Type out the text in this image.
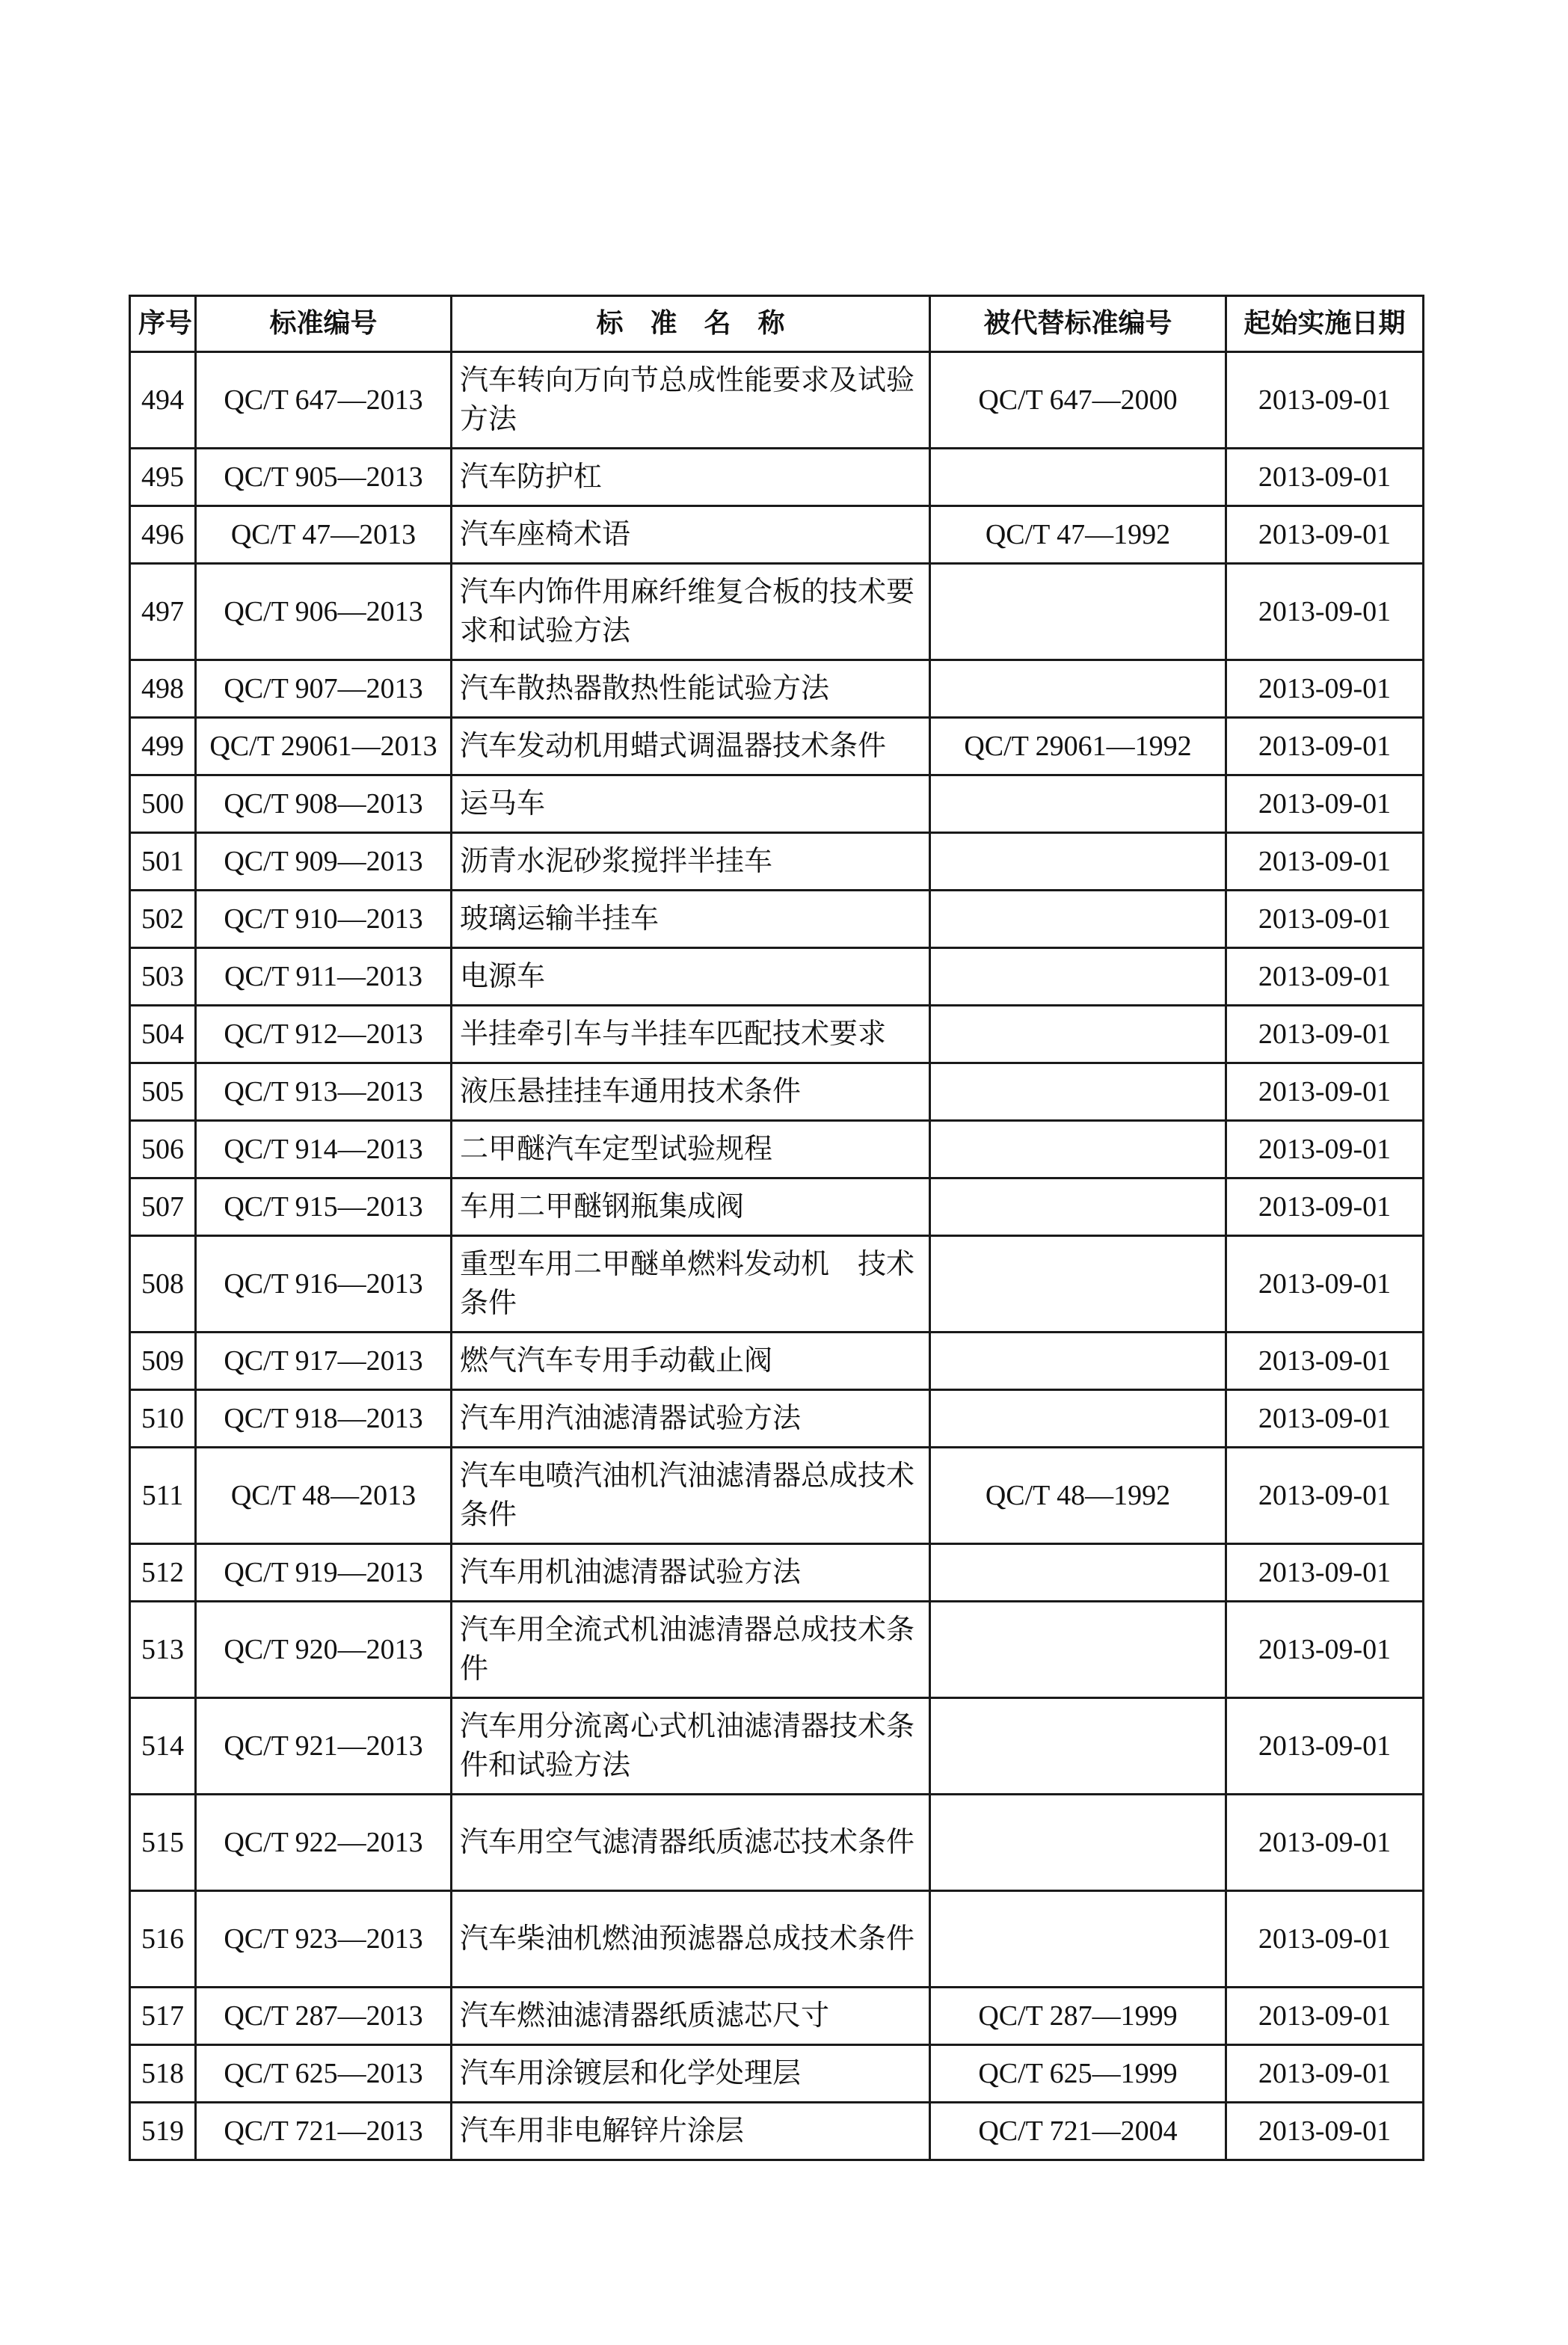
序号	标准编号	标　准　名　称	被代替标准编号	起始实施日期
494	QC/T 647—2013	汽车转向万向节总成性能要求及试验方法	QC/T 647—2000	2013-09-01
495	QC/T 905—2013	汽车防护杠		2013-09-01
496	QC/T 47—2013	汽车座椅术语	QC/T 47—1992	2013-09-01
497	QC/T 906—2013	汽车内饰件用麻纤维复合板的技术要求和试验方法		2013-09-01
498	QC/T 907—2013	汽车散热器散热性能试验方法		2013-09-01
499	QC/T 29061—2013	汽车发动机用蜡式调温器技术条件	QC/T 29061—1992	2013-09-01
500	QC/T 908—2013	运马车		2013-09-01
501	QC/T 909—2013	沥青水泥砂浆搅拌半挂车		2013-09-01
502	QC/T 910—2013	玻璃运输半挂车		2013-09-01
503	QC/T 911—2013	电源车		2013-09-01
504	QC/T 912—2013	半挂牵引车与半挂车匹配技术要求		2013-09-01
505	QC/T 913—2013	液压悬挂挂车通用技术条件		2013-09-01
506	QC/T 914—2013	二甲醚汽车定型试验规程		2013-09-01
507	QC/T 915—2013	车用二甲醚钢瓶集成阀		2013-09-01
508	QC/T 916—2013	重型车用二甲醚单燃料发动机　技术条件		2013-09-01
509	QC/T 917—2013	燃气汽车专用手动截止阀		2013-09-01
510	QC/T 918—2013	汽车用汽油滤清器试验方法		2013-09-01
511	QC/T 48—2013	汽车电喷汽油机汽油滤清器总成技术条件	QC/T 48—1992	2013-09-01
512	QC/T 919—2013	汽车用机油滤清器试验方法		2013-09-01
513	QC/T 920—2013	汽车用全流式机油滤清器总成技术条件		2013-09-01
514	QC/T 921—2013	汽车用分流离心式机油滤清器技术条件和试验方法		2013-09-01
515	QC/T 922—2013	汽车用空气滤清器纸质滤芯技术条件		2013-09-01
516	QC/T 923—2013	汽车柴油机燃油预滤器总成技术条件		2013-09-01
517	QC/T 287—2013	汽车燃油滤清器纸质滤芯尺寸	QC/T 287—1999	2013-09-01
518	QC/T 625—2013	汽车用涂镀层和化学处理层	QC/T 625—1999	2013-09-01
519	QC/T 721—2013	汽车用非电解锌片涂层	QC/T 721—2004	2013-09-01
